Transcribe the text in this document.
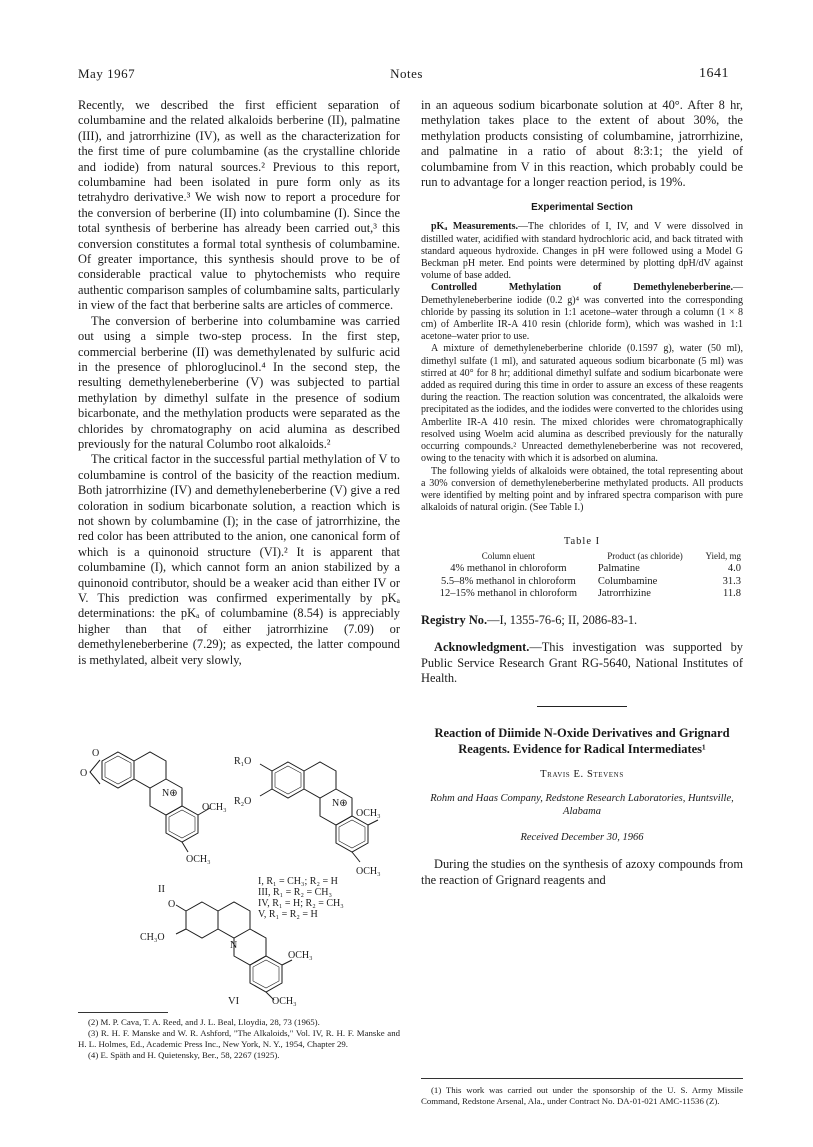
May 1967	Notes	1641

Recently, we described the first efficient separation of columbamine and the related alkaloids berberine (II), palmatine (III), and jatrorrhizine (IV), as well as the characterization for the first time of pure columbamine (as the crystalline chloride and iodide) from natural sources.² Previous to this report, columbamine had been isolated in pure form only as its tetrahydro derivative.³ We wish now to report a procedure for the conversion of berberine (II) into columbamine (I). Since the total synthesis of berberine has already been carried out,³ this conversion constitutes a formal total synthesis of columbamine. Of greater importance, this synthesis should prove to be of considerable practical value to phytochemists who require authentic comparison samples of columbamine salts, particularly in view of the fact that berberine salts are articles of commerce.

The conversion of berberine into columbamine was carried out using a simple two-step process. In the first step, commercial berberine (II) was demethylenated by sulfuric acid in the presence of phloroglucinol.⁴ In the second step, the resulting demethyleneberberine (V) was subjected to partial methylation by dimethyl sulfate in the presence of sodium bicarbonate, and the methylation products were separated as the chlorides by chromatography on acid alumina as described previously for the natural Columbo root alkaloids.²

The critical factor in the successful partial methylation of V to columbamine is control of the basicity of the reaction medium. Both jatrorrhizine (IV) and demethyleneberberine (V) give a red coloration in sodium bicarbonate solution, a reaction which is not shown by columbamine (I); in the case of jatrorrhizine, the red color has been attributed to the anion, one canonical form of which is a quinonoid structure (VI).² It is apparent that columbamine (I), which cannot form an anion stabilized by a quinonoid contributor, should be a weaker acid than either IV or V. This prediction was confirmed experimentally by pKₐ determinations: the pKₐ of columbamine (8.54) is appreciably higher than that of either jatrorrhizine (7.09) or demethyleneberberine (7.29); as expected, the latter compound is methylated, albeit very slowly,

O
O
N⊕
OCH₃
OCH₃
II
R₁O
R₂O	N⊕
OCH₃
OCH₃
I, R₁ = CH₃; R₂ = H
III, R₁ = R₂ = CH₃
IV, R₁ = H; R₂ = CH₃
V, R₁ = R₂ = H
O
CH₃O
N
OCH₃
OCH₃
VI

(2) M. P. Cava, T. A. Reed, and J. L. Beal, Lloydia, 28, 73 (1965).

(3) R. H. F. Manske and W. R. Ashford, "The Alkaloids," Vol. IV, R. H. F. Manske and H. L. Holmes, Ed., Academic Press Inc., New York, N. Y., 1954, Chapter 29.

(4) E. Späth and H. Quietensky, Ber., 58, 2267 (1925).

in an aqueous sodium bicarbonate solution at 40°. After 8 hr, methylation takes place to the extent of about 30%, the methylation products consisting of columbamine, jatrorrhizine, and palmatine in a ratio of about 8:3:1; the yield of columbamine from V in this reaction, which probably could be run to advantage for a longer reaction period, is 19%.

Experimental Section

pKₐ Measurements.—The chlorides of I, IV, and V were dissolved in distilled water, acidified with standard hydrochloric acid, and back titrated with standard aqueous hydroxide. Changes in pH were followed using a Model G Beckman pH meter. End points were determined by plotting dpH/dV against volume of base added.

Controlled Methylation of Demethyleneberberine.—Demethyleneberberine iodide (0.2 g)⁴ was converted into the corresponding chloride by passing its solution in 1:1 acetone–water through a column (1 × 8 cm) of Amberlite IR-A 410 resin (chloride form), which was washed in 1:1 acetone–water prior to use.

A mixture of demethyleneberberine chloride (0.1597 g), water (50 ml), dimethyl sulfate (1 ml), and saturated aqueous sodium bicarbonate (5 ml) was stirred at 40° for 8 hr; additional dimethyl sulfate and sodium bicarbonate were added as required during this time in order to assure an excess of these reagents during the reaction. The reaction solution was concentrated, the alkaloids were precipitated as the iodides, and the iodides were converted to the chlorides using Amberlite IR-A 410 resin. The mixed chlorides were chromatographically resolved using Woelm acid alumina as described previously for the naturally occurring compounds.² Unreacted demethyleneberberine was not recovered, owing to the tenacity with which it is adsorbed on alumina.

The following yields of alkaloids were obtained, the total representing about a 30% conversion of demethyleneberberine methylated products. All products were identified by melting point and by infrared spectra comparison with pure alkaloids of natural origin. (See Table I.)

Table I
Column eluent	Product (as chloride)	Yield, mg
4% methanol in chloroform	Palmatine	4.0
5.5–8% methanol in chloroform	Columbamine	31.3
12–15% methanol in chloroform	Jatrorrhizine	11.8

Registry No.—I, 1355-76-6; II, 2086-83-1.

Acknowledgment.—This investigation was supported by Public Service Research Grant RG-5640, National Institutes of Health.

Reaction of Diimide N-Oxide Derivatives and Grignard Reagents. Evidence for Radical Intermediates¹
Travis E. Stevens
Rohm and Haas Company, Redstone Research Laboratories, Huntsville, Alabama
Received December 30, 1966

During the studies on the synthesis of azoxy compounds from the reaction of Grignard reagents and

(1) This work was carried out under the sponsorship of the U. S. Army Missile Command, Redstone Arsenal, Ala., under Contract No. DA-01-021 AMC-11536 (Z).
